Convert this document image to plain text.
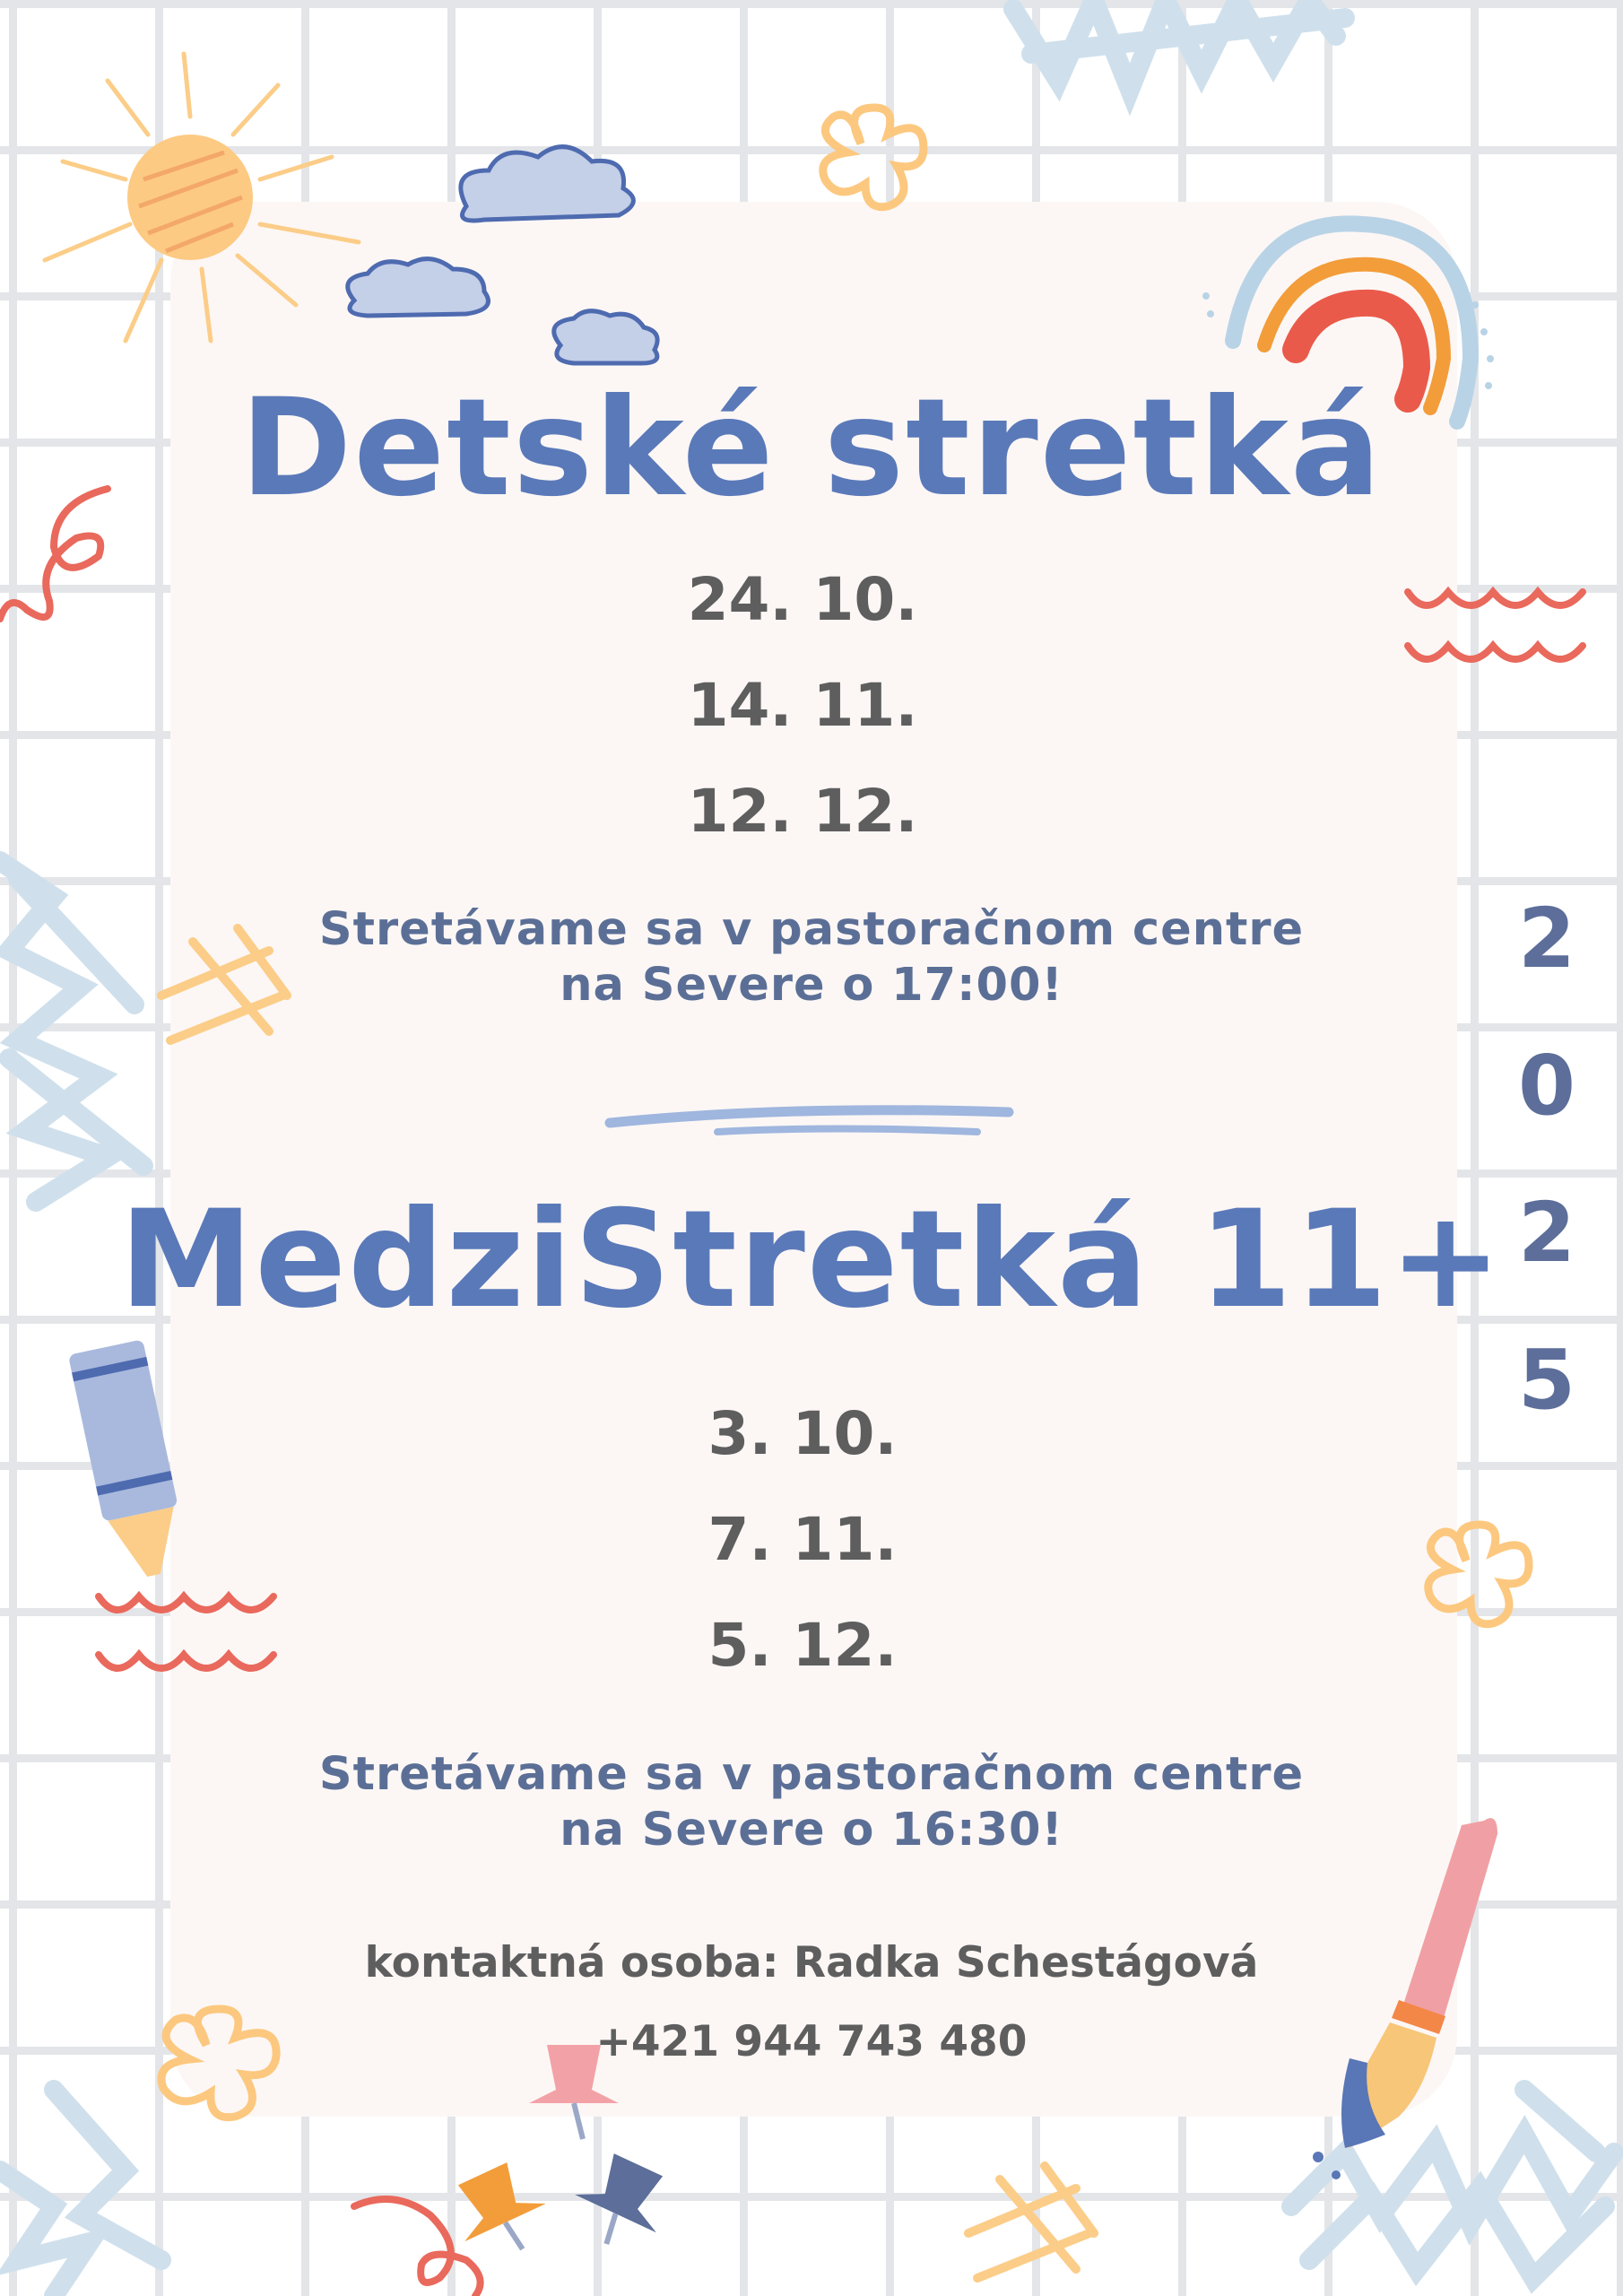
Detské stretká
24. 10.
14. 11.
12. 12.
Stretávame sa v pastoračnom centre
na Severe o 17:00!
MedziStretká 11+
3. 10.
7. 11.
5. 12.
Stretávame sa v pastoračnom centre
na Severe o 16:30!
2
0
2
5
kontaktná osoba: Radka Schestágová
+421 944 743 480
